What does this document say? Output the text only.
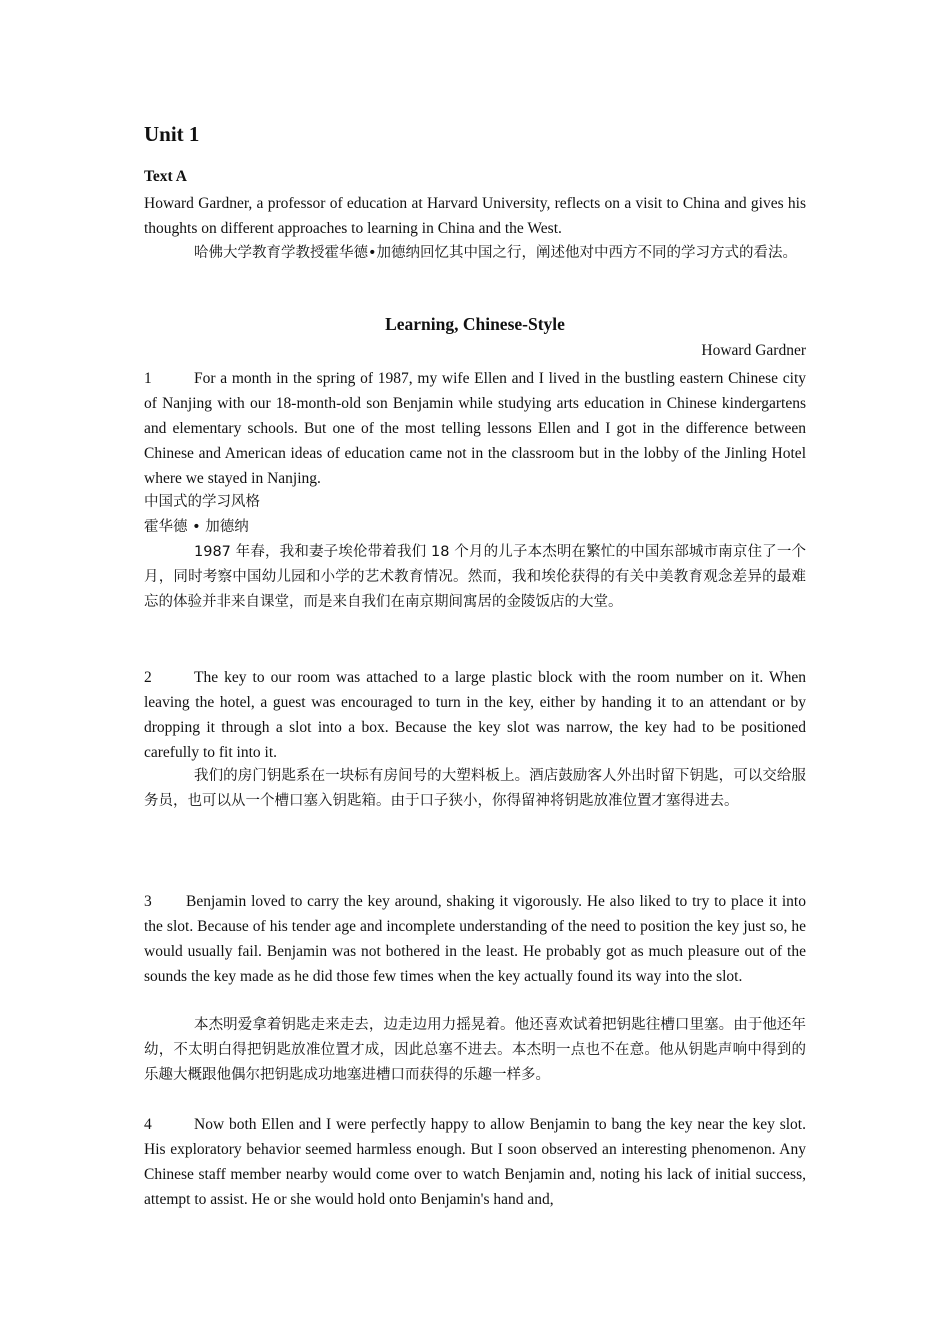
Unit 1

Text A

Howard Gardner, a professor of education at Harvard University, reflects on a visit to China and gives his thoughts on different approaches to learning in China and the West.

哈佛大学教育学教授霍华德•加德纳回忆其中国之行，阐述他对中西方不同的学习方式的看法。

Learning, Chinese-Style

Howard Gardner

1	For a month in the spring of 1987, my wife Ellen and I lived in the bustling eastern Chinese city of Nanjing with our 18-month-old son Benjamin while studying arts education in Chinese kindergartens and elementary schools. But one of the most telling lessons Ellen and I got in the difference between Chinese and American ideas of education came not in the classroom but in the lobby of the Jinling Hotel where we stayed in Nanjing.

中国式的学习风格

霍华德 • 加德纳

1987 年春，我和妻子埃伦带着我们 18 个月的儿子本杰明在繁忙的中国东部城市南京住了一个月，同时考察中国幼儿园和小学的艺术教育情况。然而，我和埃伦获得的有关中美教育观念差异的最难忘的体验并非来自课堂，而是来自我们在南京期间寓居的金陵饭店的大堂。

2	The key to our room was attached to a large plastic block with the room number on it. When leaving the hotel, a guest was encouraged to turn in the key, either by handing it to an attendant or by dropping it through a slot into a box. Because the key slot was narrow, the key had to be positioned carefully to fit into it.

我们的房门钥匙系在一块标有房间号的大塑料板上。酒店鼓励客人外出时留下钥匙，可以交给服务员，也可以从一个槽口塞入钥匙箱。由于口子狭小，你得留神将钥匙放准位置才塞得进去。

3 Benjamin loved to carry the key around, shaking it vigorously. He also liked to try to place it into the slot. Because of his tender age and incomplete understanding of the need to position the key just so, he would usually fail. Benjamin was not bothered in the least. He probably got as much pleasure out of the sounds the key made as he did those few times when the key actually found its way into the slot.

本杰明爱拿着钥匙走来走去，边走边用力摇晃着。他还喜欢试着把钥匙往槽口里塞。由于他还年幼，不太明白得把钥匙放准位置才成，因此总塞不进去。本杰明一点也不在意。他从钥匙声响中得到的乐趣大概跟他偶尔把钥匙成功地塞进槽口而获得的乐趣一样多。

4	Now both Ellen and I were perfectly happy to allow Benjamin to bang the key near the key slot. His exploratory behavior seemed harmless enough. But I soon observed an interesting phenomenon. Any Chinese staff member nearby would come over to watch Benjamin and, noting his lack of initial success, attempt to assist. He or she would hold onto Benjamin's hand and,
